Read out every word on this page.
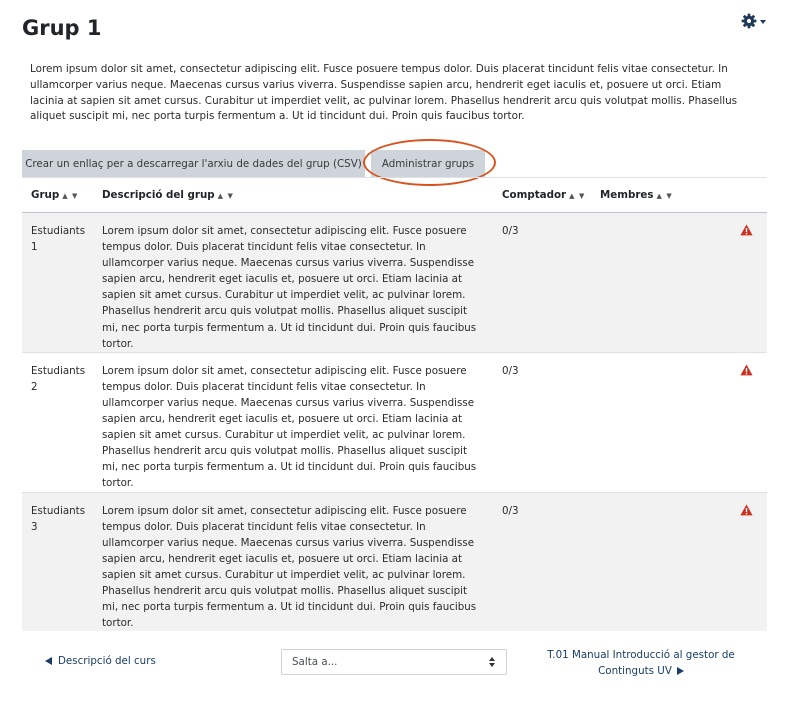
Grup 1

Lorem ipsum dolor sit amet, consectetur adipiscing elit. Fusce posuere tempus dolor. Duis placerat tincidunt felis vitae consectetur. In ullamcorper varius neque. Maecenas cursus varius viverra. Suspendisse sapien arcu, hendrerit eget iaculis et, posuere ut orci. Etiam lacinia at sapien sit amet cursus. Curabitur ut imperdiet velit, ac pulvinar lorem. Phasellus hendrerit arcu quis volutpat mollis. Phasellus aliquet suscipit mi, nec porta turpis fermentum a. Ut id tincidunt dui. Proin quis faucibus tortor.

Crear un enllaç per a descarregar l'arxiu de dades del grup (CSV)	Administrar grups
Grup ▲ ▼	Descripció del grup ▲ ▼	Comptador ▲ ▼	Membres ▲ ▼	
Estudiants 1	Lorem ipsum dolor sit amet, consectetur adipiscing elit. Fusce posuere tempus dolor. Duis placerat tincidunt felis vitae consectetur. In ullamcorper varius neque. Maecenas cursus varius viverra. Suspendisse sapien arcu, hendrerit eget iaculis et, posuere ut orci. Etiam lacinia at sapien sit amet cursus. Curabitur ut imperdiet velit, ac pulvinar lorem. Phasellus hendrerit arcu quis volutpat mollis. Phasellus aliquet suscipit mi, nec porta turpis fermentum a. Ut id tincidunt dui. Proin quis faucibus tortor.	0/3		
Estudiants 2	Lorem ipsum dolor sit amet, consectetur adipiscing elit. Fusce posuere tempus dolor. Duis placerat tincidunt felis vitae consectetur. In ullamcorper varius neque. Maecenas cursus varius viverra. Suspendisse sapien arcu, hendrerit eget iaculis et, posuere ut orci. Etiam lacinia at sapien sit amet cursus. Curabitur ut imperdiet velit, ac pulvinar lorem. Phasellus hendrerit arcu quis volutpat mollis. Phasellus aliquet suscipit mi, nec porta turpis fermentum a. Ut id tincidunt dui. Proin quis faucibus tortor.	0/3		
Estudiants 3	Lorem ipsum dolor sit amet, consectetur adipiscing elit. Fusce posuere tempus dolor. Duis placerat tincidunt felis vitae consectetur. In ullamcorper varius neque. Maecenas cursus varius viverra. Suspendisse sapien arcu, hendrerit eget iaculis et, posuere ut orci. Etiam lacinia at sapien sit amet cursus. Curabitur ut imperdiet velit, ac pulvinar lorem. Phasellus hendrerit arcu quis volutpat mollis. Phasellus aliquet suscipit mi, nec porta turpis fermentum a. Ut id tincidunt dui. Proin quis faucibus tortor.	0/3		
Descripció del curs	Salta a...
T.01 Manual Introducció al gestor de Continguts UV
